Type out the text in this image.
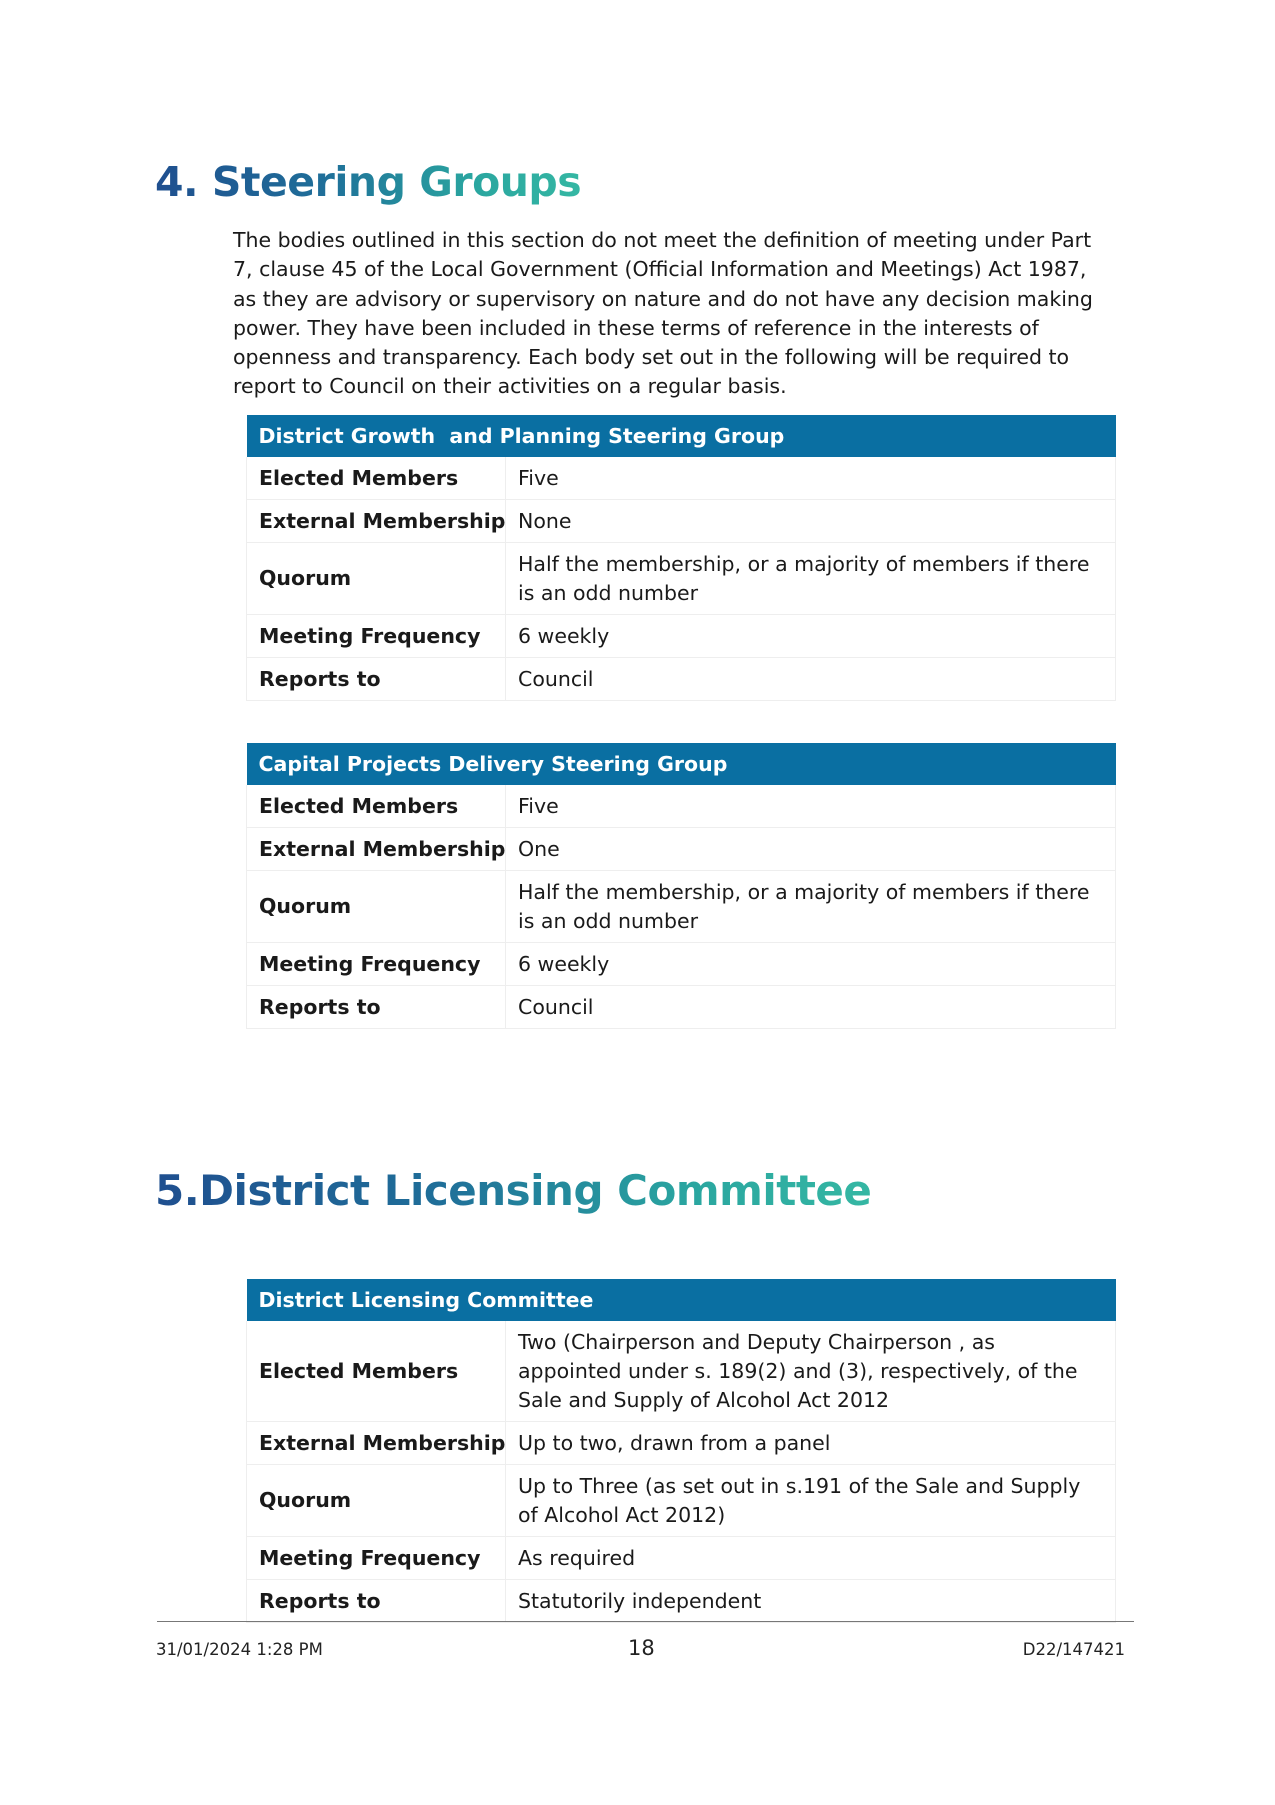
4. Steering Groups

The bodies outlined in this section do not meet the definition of meeting under Part 7, clause 45 of the Local Government (Official Information and Meetings) Act 1987, as they are advisory or supervisory on nature and do not have any decision making power. They have been included in these terms of reference in the interests of openness and transparency. Each body set out in the following will be required to report to Council on their activities on a regular basis.

District Growth  and Planning Steering Group	
Elected Members	Five
External Membership	None
Quorum	Half the membership, or a majority of members if there is an odd number
Meeting Frequency	6 weekly
Reports to	Council
Capital Projects Delivery Steering Group	
Elected Members	Five
External Membership	One
Quorum	Half the membership, or a majority of members if there is an odd number
Meeting Frequency	6 weekly
Reports to	Council
5.District Licensing Committee
District Licensing Committee	
Elected Members	Two (Chairperson and Deputy Chairperson , as appointed under s. 189(2) and (3), respectively, of the Sale and Supply of Alcohol Act 2012
External Membership	Up to two, drawn from a panel
Quorum	Up to Three (as set out in s.191 of the Sale and Supply of Alcohol Act 2012)
Meeting Frequency	As required
Reports to	Statutorily independent
31/01/2024 1:28 PM	18	D22/147421
